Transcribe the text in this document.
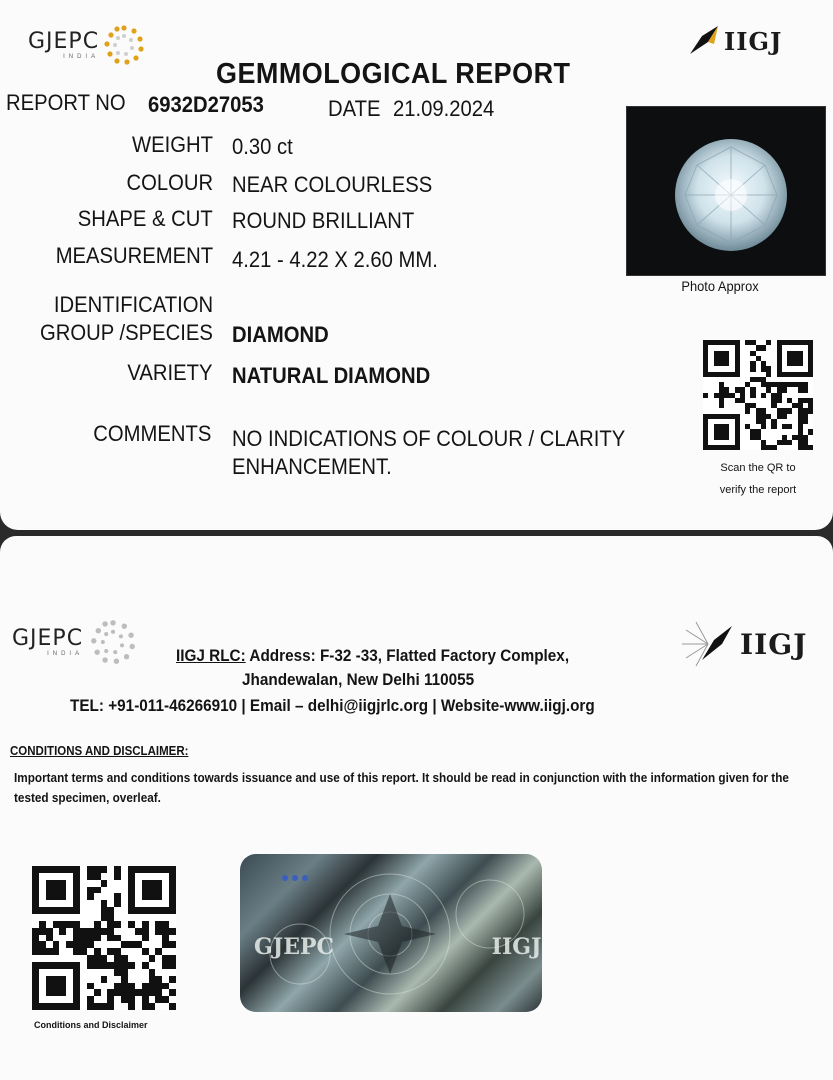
GJEPC
INDIA
IIGJ
GEMMOLOGICAL REPORT
REPORT NO 6932D27053	DATE 21.09.2024
WEIGHT 0.30 ct
COLOUR NEAR COLOURLESS
SHAPE & CUT ROUND BRILLIANT
MEASUREMENT 4.21 - 4.22 X 2.60 MM.
IDENTIFICATION
GROUP /SPECIES DIAMOND
VARIETY NATURAL DIAMOND
COMMENTS NO INDICATIONS OF COLOUR / CLARITY
ENHANCEMENT.
Photo Approx
Scan the QR to
verify the report
GJEPC
INDIA	IIGJ
IIGJ RLC: Address: F-32 -33, Flatted Factory Complex,
Jhandewalan, New Delhi 110055
TEL: +91-011-46266910 | Email – delhi@iigjrlc.org | Website-www.iigj.org
CONDITIONS AND DISCLAIMER:
Important terms and conditions towards issuance and use of this report. It should be read in conjunction with the information given for the tested specimen, overleaf.
Conditions and Disclaimer
GJEPC IIGJ
